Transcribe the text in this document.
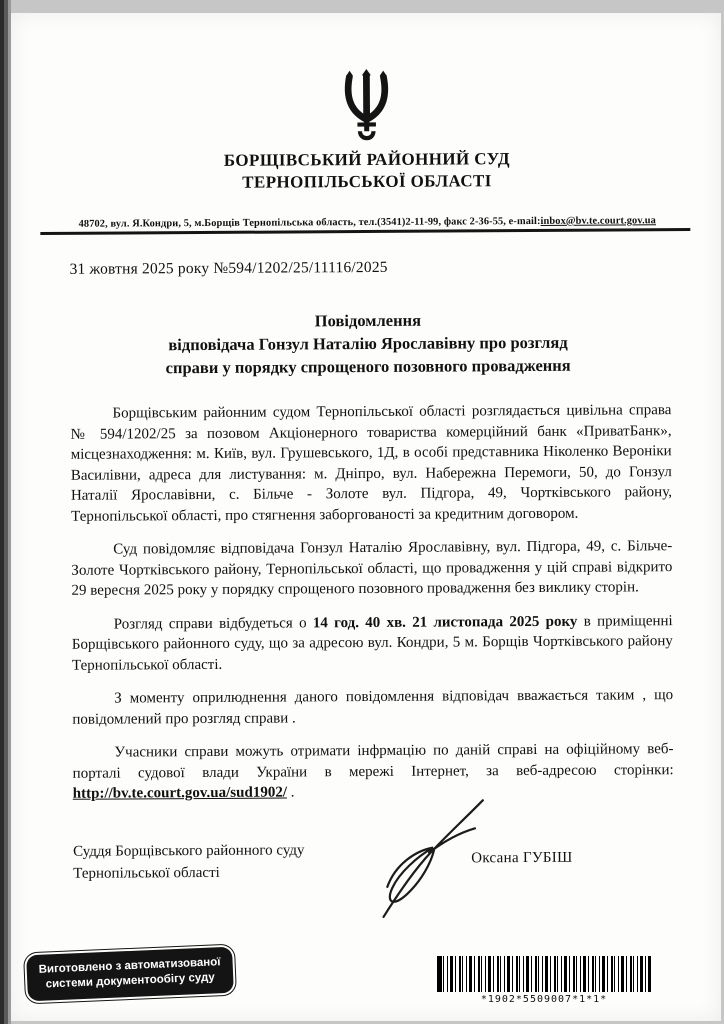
БОРЩІВСЬКИЙ РАЙОННИЙ СУД
ТЕРНОПІЛЬСЬКОЇ ОБЛАСТІ
48702, вул. Я.Кондри, 5, м.Борщів Тернопільська область, тел.(3541)2-11-99, факс 2-36-55, e-mail:inbox@bv.te.court.gov.ua
31 жовтня 2025 року №594/1202/25/11116/2025
Повідомлення
відповідача Гонзул Наталію Ярославівну про розгляд
справи у порядку спрощеного позовного провадження

Борщівським районним судом Тернопільської області розглядається цивільна справа № 594/1202/25 за позовом Акціонерного товариства комерційний банк «ПриватБанк», місцезнаходження: м. Київ, вул. Грушевського, 1Д, в особі представника Ніколенко Вероніки Василівни, адреса для листування: м. Дніпро, вул. Набережна Перемоги, 50, до Гонзул Наталії Ярославівни, с. Більче - Золоте вул. Підгора, 49, Чортківського району, Тернопільської області, про стягнення заборгованості за кредитним договором.

Суд повідомляє відповідача Гонзул Наталію Ярославівну, вул. Підгора, 49, с. Більче- Золоте Чортківського району, Тернопільської області, що провадження у цій справі відкрито 29 вересня 2025 року у порядку спрощеного позовного провадження без виклику сторін.

Розгляд справи відбудеться о 14 год. 40 хв. 21 листопада 2025 року в приміщенні Борщівського районного суду, що за адресою вул. Кондри, 5 м. Борщів Чортківського району Тернопільської області.

З моменту оприлюднення даного повідомлення відповідач вважається таким , що повідомлений про розгляд справи .

Учасники справи можуть отримати інфрмацію по даній справі на офіційному веб-порталі судової влади України в мережі Інтернет, за веб-адресою сторінки: http://bv.te.court.gov.ua/sud1902/ .

Суддя Борщівського районного суду
Тернопільської області
Оксана ГУБІШ
Виготовлено з автоматизованої
системи документообігу суду
*1902*5509007*1*1*
